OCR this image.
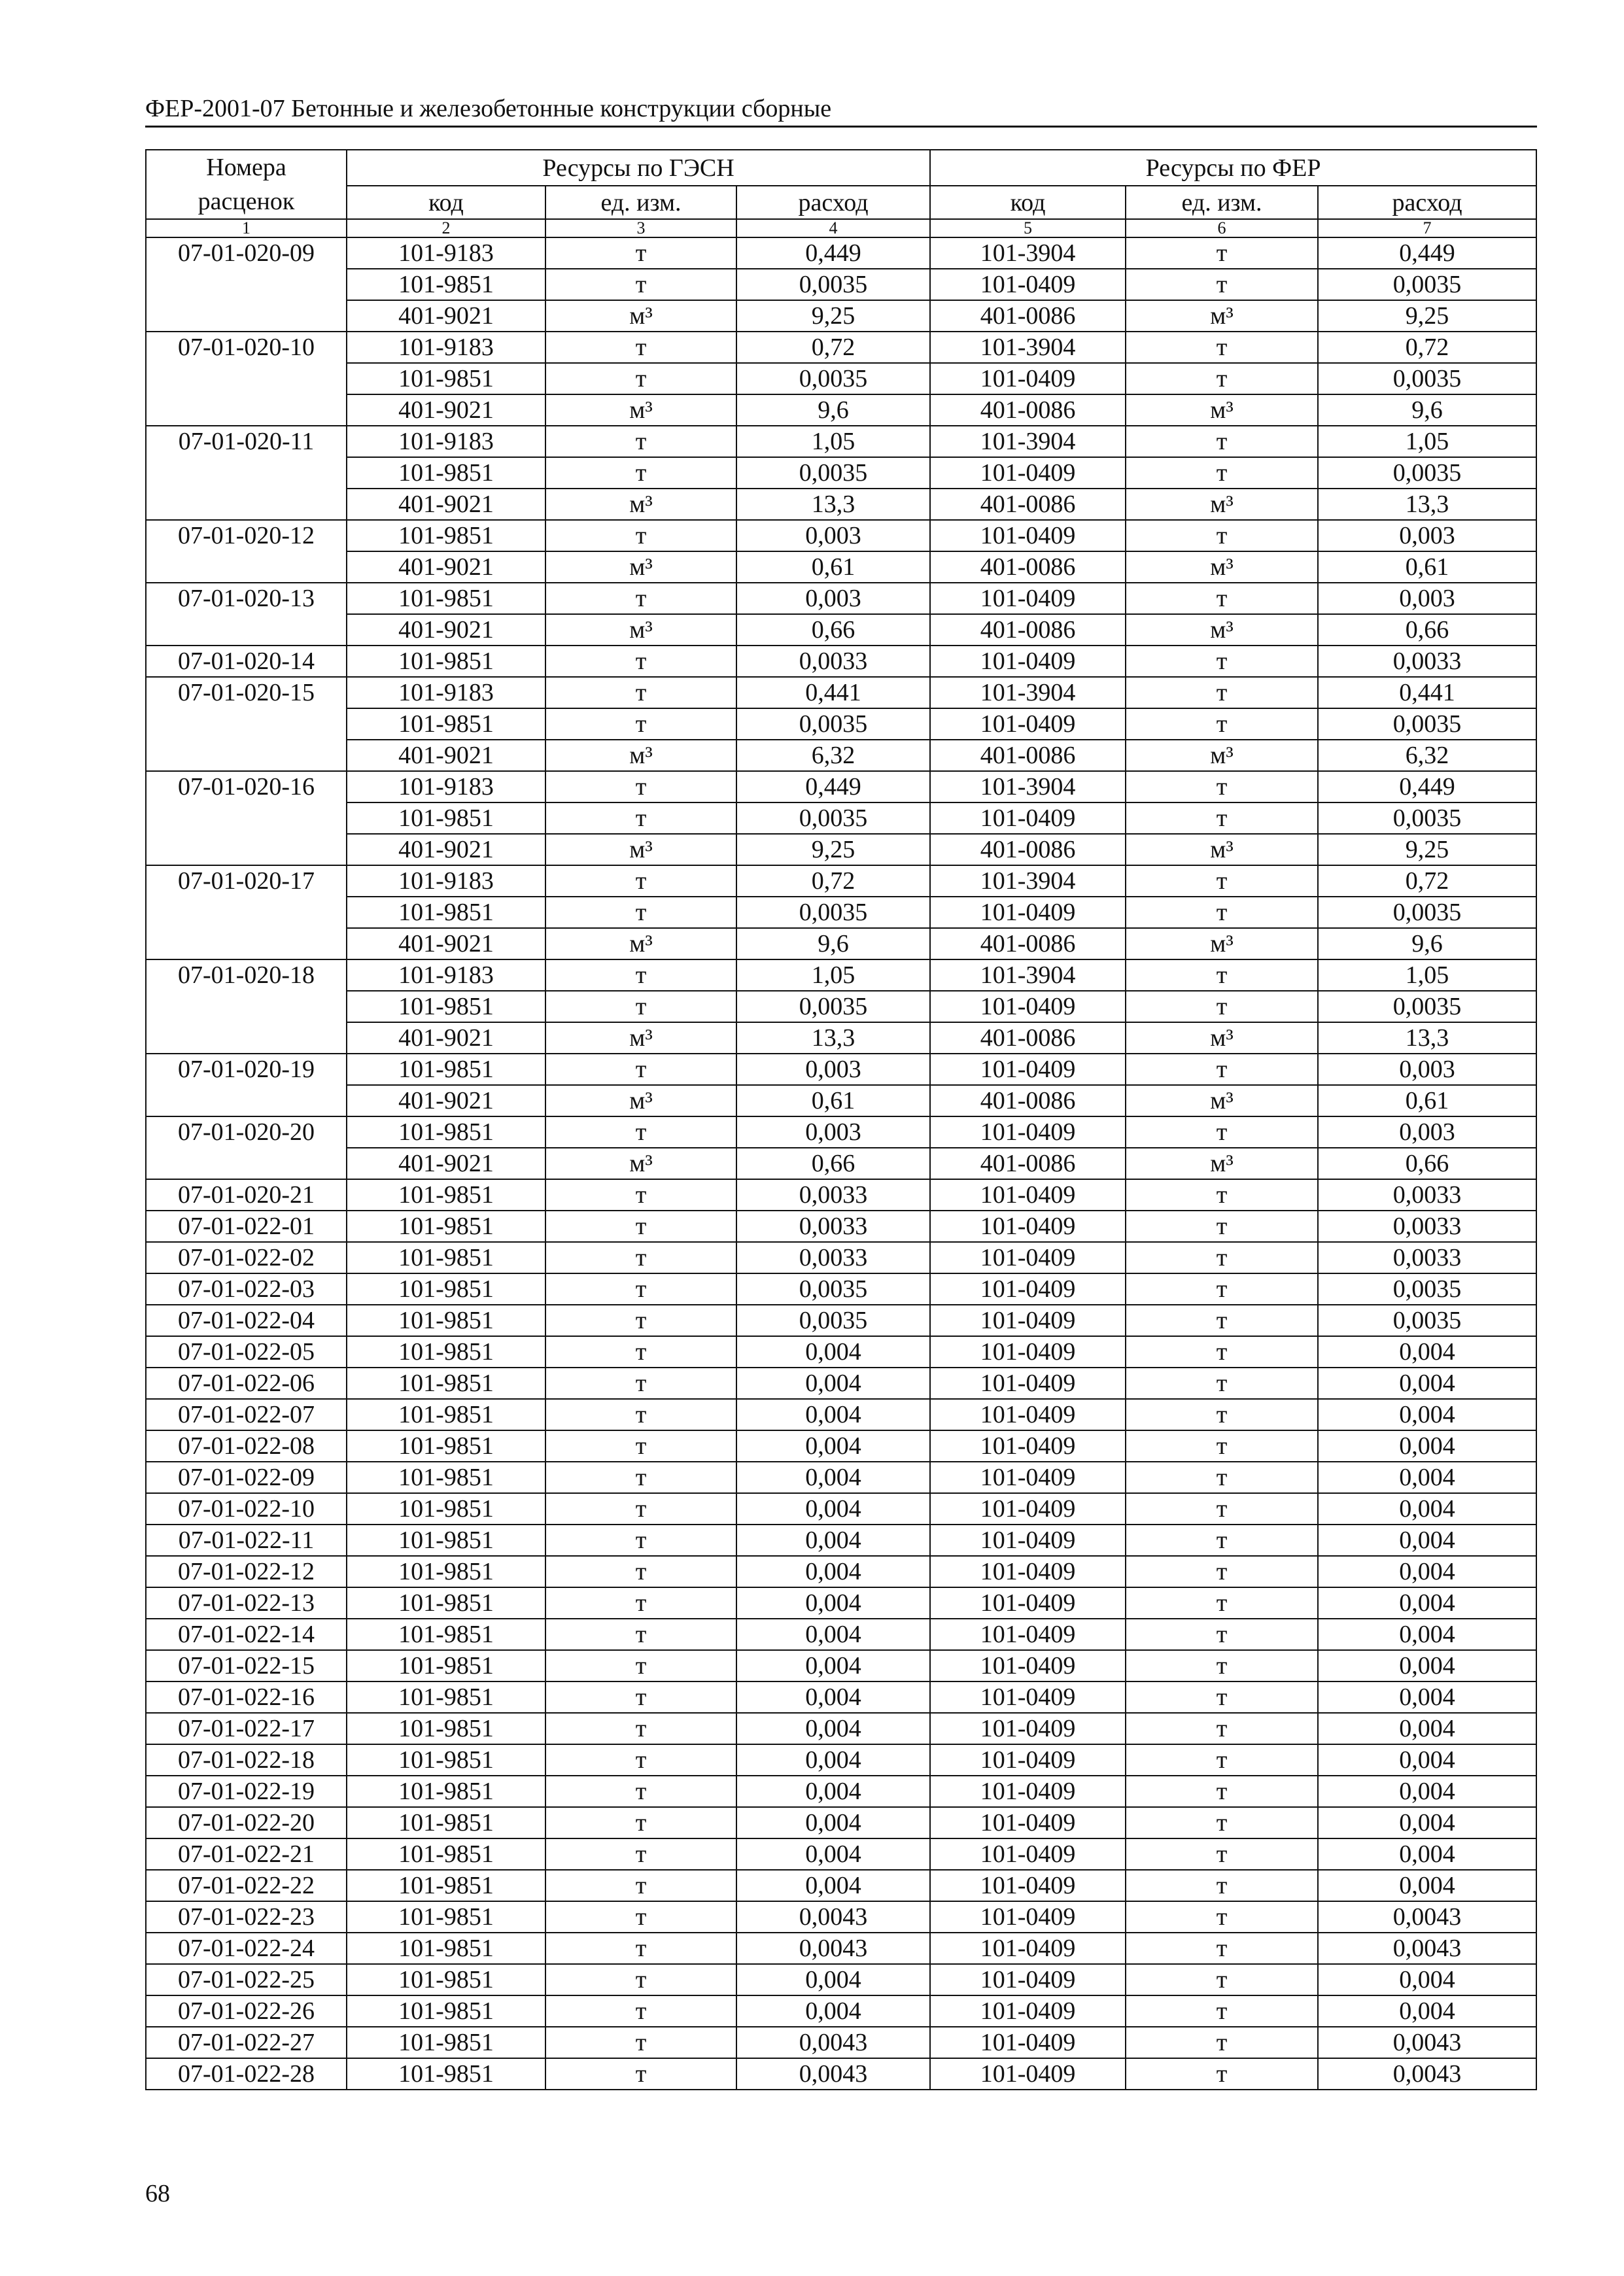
ФЕР-2001-07 Бетонные и железобетонные конструкции сборные
Номера
расценок	Ресурсы по ГЭСН			Ресурсы по ФЕР		
	код	ед. изм.	расход	код	ед. изм.	расход
1	2	3	4	5	6	7
07-01-020-09	101-9183	т	0,449	101-3904	т	0,449
	101-9851	т	0,0035	101-0409	т	0,0035
	401-9021	м³	9,25	401-0086	м³	9,25
07-01-020-10	101-9183	т	0,72	101-3904	т	0,72
	101-9851	т	0,0035	101-0409	т	0,0035
	401-9021	м³	9,6	401-0086	м³	9,6
07-01-020-11	101-9183	т	1,05	101-3904	т	1,05
	101-9851	т	0,0035	101-0409	т	0,0035
	401-9021	м³	13,3	401-0086	м³	13,3
07-01-020-12	101-9851	т	0,003	101-0409	т	0,003
	401-9021	м³	0,61	401-0086	м³	0,61
07-01-020-13	101-9851	т	0,003	101-0409	т	0,003
	401-9021	м³	0,66	401-0086	м³	0,66
07-01-020-14	101-9851	т	0,0033	101-0409	т	0,0033
07-01-020-15	101-9183	т	0,441	101-3904	т	0,441
	101-9851	т	0,0035	101-0409	т	0,0035
	401-9021	м³	6,32	401-0086	м³	6,32
07-01-020-16	101-9183	т	0,449	101-3904	т	0,449
	101-9851	т	0,0035	101-0409	т	0,0035
	401-9021	м³	9,25	401-0086	м³	9,25
07-01-020-17	101-9183	т	0,72	101-3904	т	0,72
	101-9851	т	0,0035	101-0409	т	0,0035
	401-9021	м³	9,6	401-0086	м³	9,6
07-01-020-18	101-9183	т	1,05	101-3904	т	1,05
	101-9851	т	0,0035	101-0409	т	0,0035
	401-9021	м³	13,3	401-0086	м³	13,3
07-01-020-19	101-9851	т	0,003	101-0409	т	0,003
	401-9021	м³	0,61	401-0086	м³	0,61
07-01-020-20	101-9851	т	0,003	101-0409	т	0,003
	401-9021	м³	0,66	401-0086	м³	0,66
07-01-020-21	101-9851	т	0,0033	101-0409	т	0,0033
07-01-022-01	101-9851	т	0,0033	101-0409	т	0,0033
07-01-022-02	101-9851	т	0,0033	101-0409	т	0,0033
07-01-022-03	101-9851	т	0,0035	101-0409	т	0,0035
07-01-022-04	101-9851	т	0,0035	101-0409	т	0,0035
07-01-022-05	101-9851	т	0,004	101-0409	т	0,004
07-01-022-06	101-9851	т	0,004	101-0409	т	0,004
07-01-022-07	101-9851	т	0,004	101-0409	т	0,004
07-01-022-08	101-9851	т	0,004	101-0409	т	0,004
07-01-022-09	101-9851	т	0,004	101-0409	т	0,004
07-01-022-10	101-9851	т	0,004	101-0409	т	0,004
07-01-022-11	101-9851	т	0,004	101-0409	т	0,004
07-01-022-12	101-9851	т	0,004	101-0409	т	0,004
07-01-022-13	101-9851	т	0,004	101-0409	т	0,004
07-01-022-14	101-9851	т	0,004	101-0409	т	0,004
07-01-022-15	101-9851	т	0,004	101-0409	т	0,004
07-01-022-16	101-9851	т	0,004	101-0409	т	0,004
07-01-022-17	101-9851	т	0,004	101-0409	т	0,004
07-01-022-18	101-9851	т	0,004	101-0409	т	0,004
07-01-022-19	101-9851	т	0,004	101-0409	т	0,004
07-01-022-20	101-9851	т	0,004	101-0409	т	0,004
07-01-022-21	101-9851	т	0,004	101-0409	т	0,004
07-01-022-22	101-9851	т	0,004	101-0409	т	0,004
07-01-022-23	101-9851	т	0,0043	101-0409	т	0,0043
07-01-022-24	101-9851	т	0,0043	101-0409	т	0,0043
07-01-022-25	101-9851	т	0,004	101-0409	т	0,004
07-01-022-26	101-9851	т	0,004	101-0409	т	0,004
07-01-022-27	101-9851	т	0,0043	101-0409	т	0,0043
07-01-022-28	101-9851	т	0,0043	101-0409	т	0,0043
68
